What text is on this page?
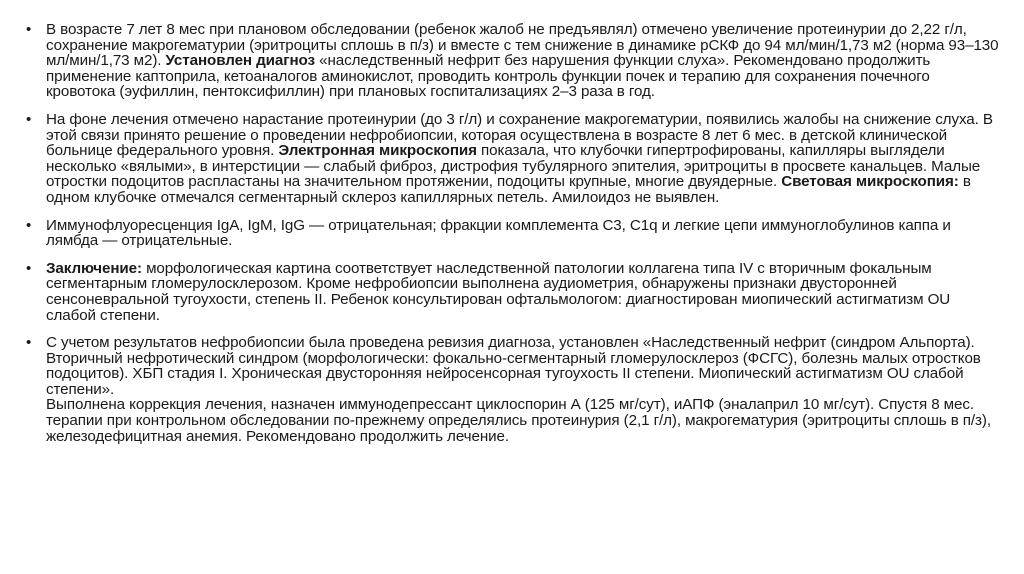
• В возрасте 7 лет 8 мес при плановом обследовании (ребенок жалоб не предъявлял) отмечено увеличение протеинурии до 2,22 г/л, сохранение макрогематурии (эритроциты сплошь в п/з) и вместе с тем снижение в динамике рСКФ до 94 мл/мин/1,73 м2 (норма 93–130 мл/мин/1,73 м2). Установлен диагноз «наследственный нефрит без нарушения функции слуха». Рекомендовано продолжить применение каптоприла, кетоаналогов аминокислот, проводить контроль функции почек и терапию для сохранения почечного кровотока (эуфиллин, пентоксифиллин) при плановых госпитализациях 2–3 раза в год.
• На фоне лечения отмечено нарастание протеинурии (до 3 г/л) и сохранение макрогематурии, появились жалобы на снижение слуха. В этой связи принято решение о проведении нефробиопсии, которая осуществлена в возрасте 8 лет 6 мес. в детской клинической больнице федерального уровня. Электронная микроскопия показала, что клубочки гипертрофированы, капилляры выглядели несколько «вялыми», в интерстиции — слабый фиброз, дистрофия тубулярного эпителия, эритроциты в просвете канальцев. Малые отростки подоцитов распластаны на значительном протяжении, подоциты крупные, многие двуядерные. Световая микроскопия: в одном клубочке отмечался сегментарный склероз капиллярных петель. Амилоидоз не выявлен.
• Иммунофлуоресценция IgA, IgM, IgG — отрицательная; фракции комплемента С3, С1q и легкие цепи иммуноглобулинов каппа и лямбда — отрицательные.
• Заключение: морфологическая картина соответствует наследственной патологии коллагена типа IV с вторичным фокальным сегментарным гломерулосклерозом. Кроме нефробиопсии выполнена аудиометрия, обнаружены признаки двусторонней сенсоневральной тугоухости, степень II. Ребенок консультирован офтальмологом: диагностирован миопический астигматизм OU слабой степени.
• С учетом результатов нефробиопсии была проведена ревизия диагноза, установлен «Наследственный нефрит (синдром Альпорта). Вторичный нефротический синдром (морфологически: фокально-сегментарный гломерулосклероз (ФСГС), болезнь малых отростков подоцитов). ХБП стадия I. Хроническая двусторонняя нейросенсорная тугоухость II степени. Миопический астигматизм OU слабой степени».
Выполнена коррекция лечения, назначен иммунодепрессант циклоспорин А (125 мг/сут), иАПФ (эналаприл 10 мг/сут). Спустя 8 мес. терапии при контрольном обследовании по-прежнему определялись протеинурия (2,1 г/л), макрогематурия (эритроциты сплошь в п/з), железодефицитная анемия. Рекомендовано продолжить лечение.
